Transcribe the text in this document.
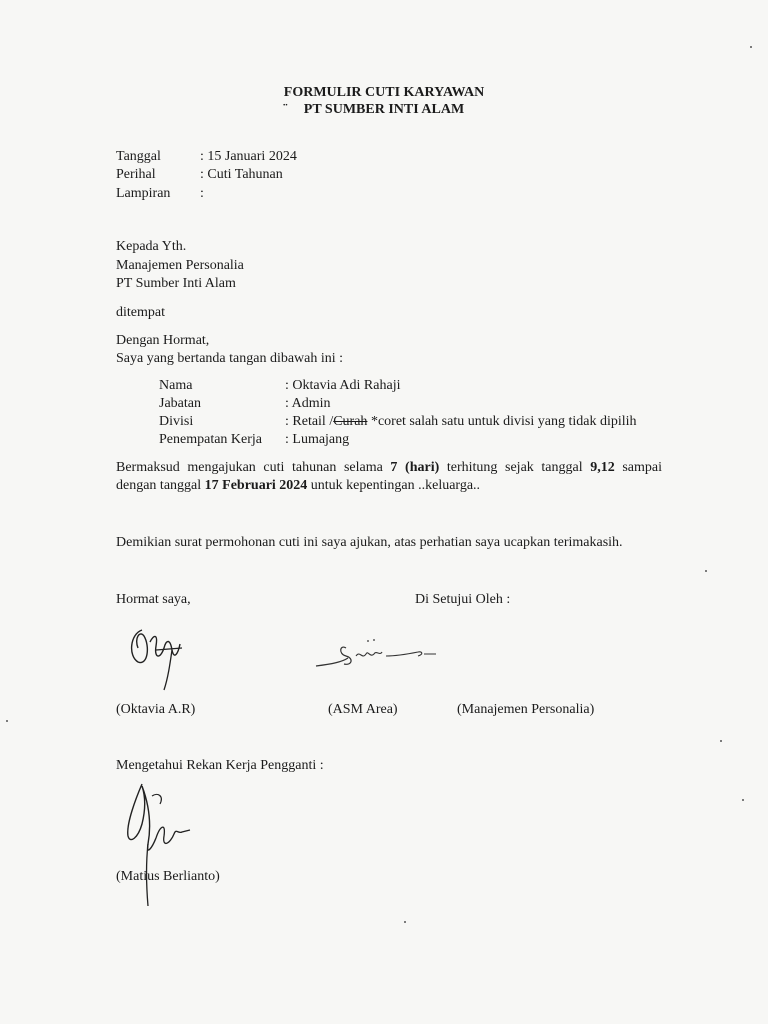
FORMULIR CUTI KARYAWAN
¨	PT SUMBER INTI ALAM
Tanggal	: 15 Januari 2024
Perihal	: Cuti Tahunan
Lampiran :
Kepada Yth.
Manajemen Personalia
PT Sumber Inti Alam
ditempat
Dengan Hormat,
Saya yang bertanda tangan dibawah ini :
Nama	: Oktavia Adi Rahaji
Jabatan	: Admin
Divisi	: Retail /Curah *coret salah satu untuk divisi yang tidak dipilih
Penempatan Kerja : Lumajang
Bermaksud mengajukan cuti tahunan selama 7 (hari) terhitung sejak tanggal 9,12 sampai
dengan tanggal 17 Februari 2024 untuk kepentingan ..keluarga..
Demikian surat permohonan cuti ini saya ajukan, atas perhatian saya ucapkan terimakasih.
Hormat saya,	Di Setujui Oleh :
(Oktavia A.R)	(ASM Area)	(Manajemen Personalia)
Mengetahui Rekan Kerja Pengganti :
(Matius Berlianto)
